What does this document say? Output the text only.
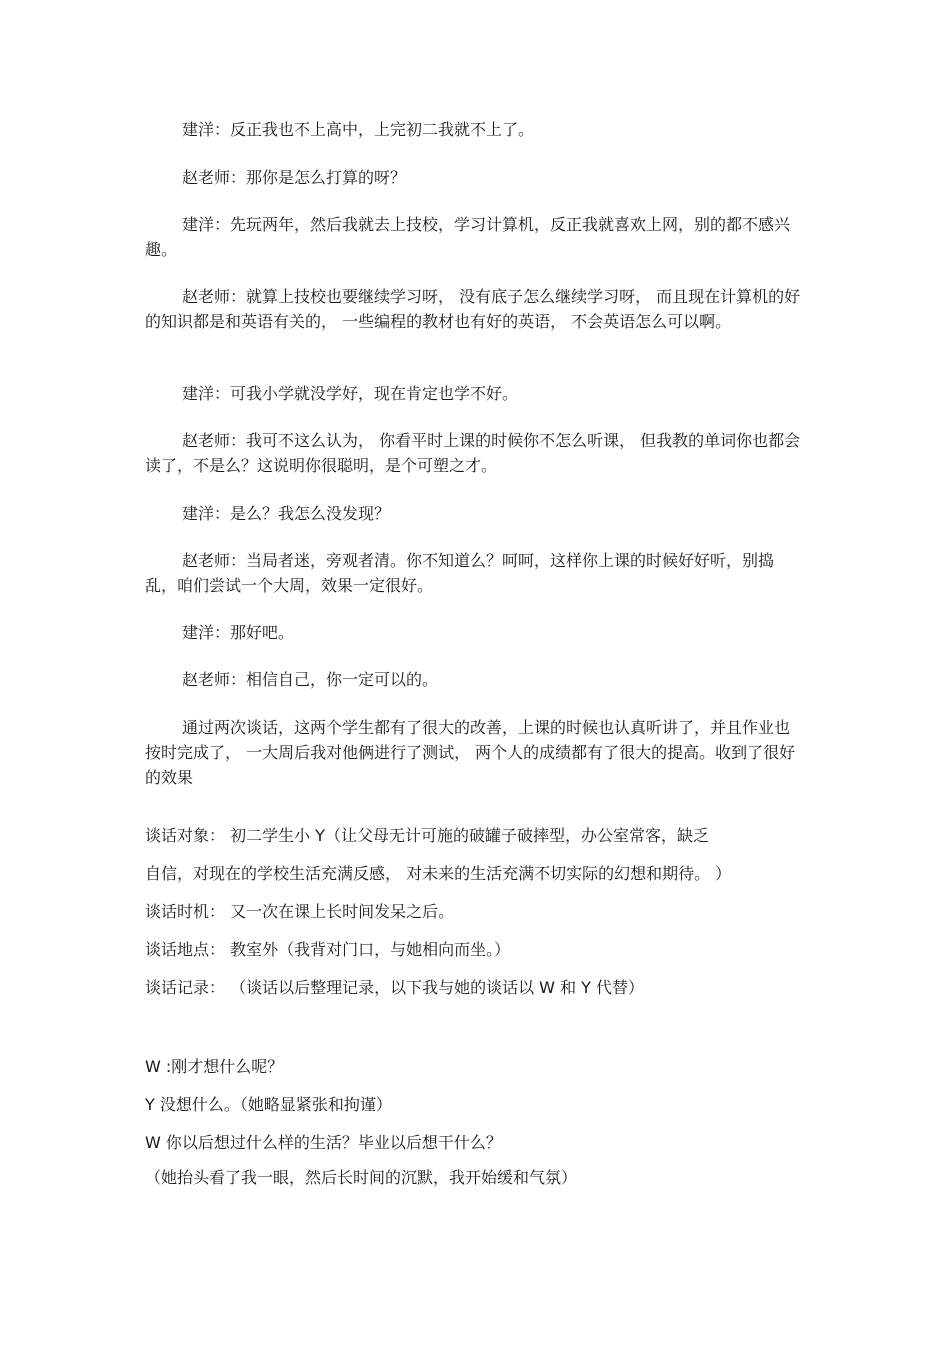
建洋：反正我也不上高中，上完初二我就不上了。

赵老师：那你是怎么打算的呀？

建洋：先玩两年，然后我就去上技校，学习计算机，反正我就喜欢上网，别的都不感兴趣。

赵老师：就算上技校也要继续学习呀， 没有底子怎么继续学习呀， 而且现在计算机的好的知识都是和英语有关的， 一些编程的教材也有好的英语， 不会英语怎么可以啊。

建洋：可我小学就没学好，现在肯定也学不好。

赵老师：我可不这么认为， 你看平时上课的时候你不怎么听课， 但我教的单词你也都会读了，不是么？这说明你很聪明，是个可塑之才。

建洋：是么？我怎么没发现？

赵老师：当局者迷，旁观者清。你不知道么？呵呵，这样你上课的时候好好听，别捣乱，咱们尝试一个大周，效果一定很好。

建洋：那好吧。

赵老师：相信自己，你一定可以的。

通过两次谈话，这两个学生都有了很大的改善，上课的时候也认真听讲了，并且作业也按时完成了， 一大周后我对他俩进行了测试， 两个人的成绩都有了很大的提高。收到了很好的效果

谈话对象： 初二学生小 Y（让父母无计可施的破罐子破摔型，办公室常客，缺乏
自信，对现在的学校生活充满反感， 对未来的生活充满不切实际的幻想和期待。 ）
谈话时机： 又一次在课上长时间发呆之后。
谈话地点： 教室外（我背对门口，与她相向而坐。）
谈话记录： （谈话以后整理记录，以下我与她的谈话以 W 和 Y 代替）
W :刚才想什么呢？
Y 没想什么。（她略显紧张和拘谨）
W 你以后想过什么样的生活？毕业以后想干什么？
（她抬头看了我一眼，然后长时间的沉默，我开始缓和气氛）
